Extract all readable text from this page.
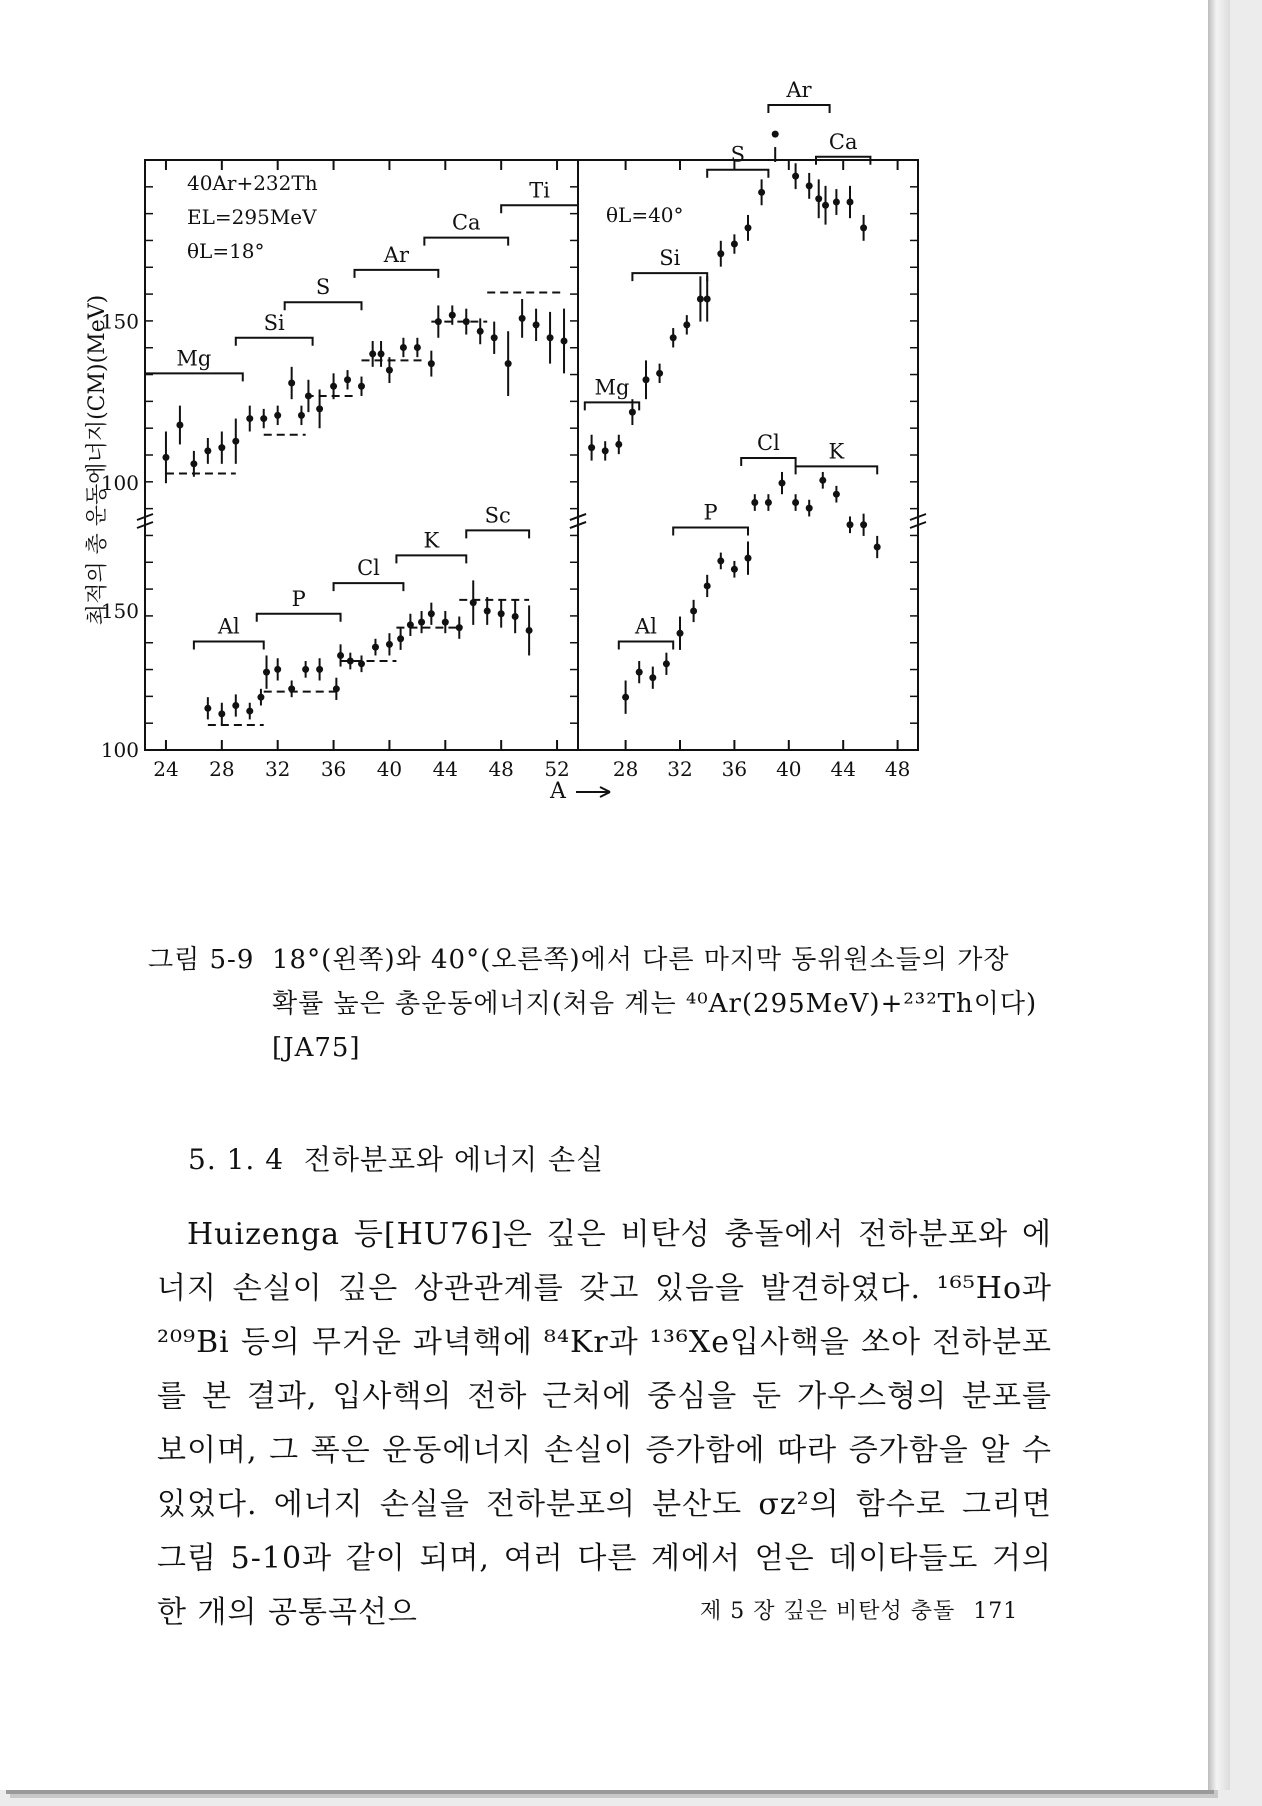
24 28 32 36 40 44 48 52
100
150
100
150
40Ar+232Th
EL=295MeV
θL=18°
Mg
Si
S
Ar
Ca
Ti
Al
P
Cl
K
Sc
28 32 36 40 44 48
θL=40°
Mg
Si
S
Ar
Ca
Al
P
Cl K
최적의 총 운동에너지(CM)(MeV)
A
그림 5-9 18°(왼쪽)와 40°(오른쪽)에서 다른 마지막 동위원소들의 가장
확률 높은 총운동에너지(처음 계는 ⁴⁰Ar(295MeV)+²³²Th이다)
[JA75]
5. 1. 4 전하분포와 에너지 손실

Huizenga 등[HU76]은 깊은 비탄성 충돌에서 전하분포와 에너지 손실이 깊은 상관관계를 갖고 있음을 발견하였다. ¹⁶⁵Ho과 ²⁰⁹Bi 등의 무거운 과녁핵에 ⁸⁴Kr과 ¹³⁶Xe입사핵을 쏘아 전하분포를 본 결과, 입사핵의 전하 근처에 중심을 둔 가우스형의 분포를 보이며, 그 폭은 운동에너지 손실이 증가함에 따라 증가함을 알 수 있었다. 에너지 손실을 전하분포의 분산도 σz²의 함수로 그리면 그림 5-10과 같이 되며, 여러 다른 계에서 얻은 데이타들도 거의 한 개의 공통곡선으	제 5 장 깊은 비탄성 충돌 171
